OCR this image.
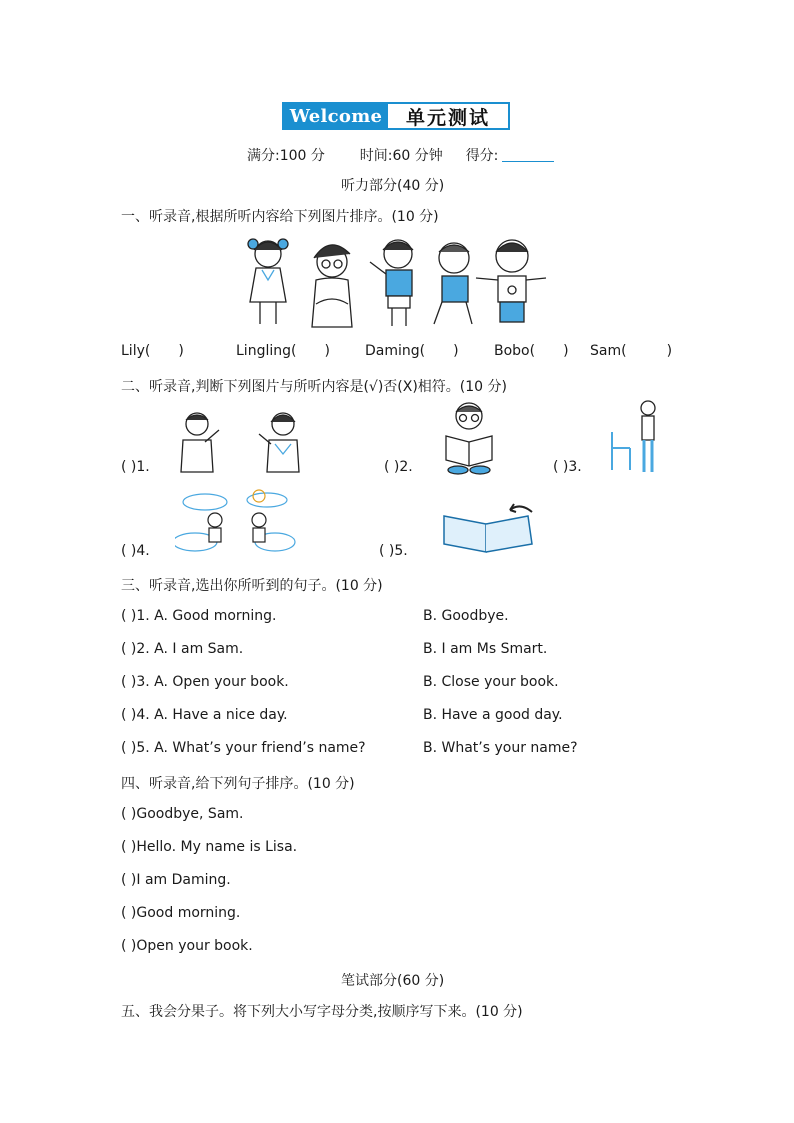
Welcome	单元测试
满分:100 分 时间:60 分钟 得分:
听力部分(40 分)
一、听录音,根据所听内容给下列图片排序。(10 分)
Lily( )	Lingling( )	Daming( )	Bobo( ) Sam(	)
二、听录音,判断下列图片与所听内容是(√)否(X)相符。(10 分)
( )1.	( )2.	( )3.
( )4.	( )5.
三、听录音,选出你所听到的句子。(10 分)
( )1. A. Good morning.	B. Goodbye.
( )2. A. I am Sam.	B. I am Ms Smart.
( )3. A. Open your book.	B. Close your book.
( )4. A. Have a nice day.	B. Have a good day.
( )5. A. What’s your friend’s name?	B. What’s your name?
四、听录音,给下列句子排序。(10 分)
( )Goodbye, Sam.
( )Hello. My name is Lisa.
( )I am Daming.
( )Good morning.
( )Open your book.
笔试部分(60 分)
五、我会分果子。将下列大小写字母分类,按顺序写下来。(10 分)
